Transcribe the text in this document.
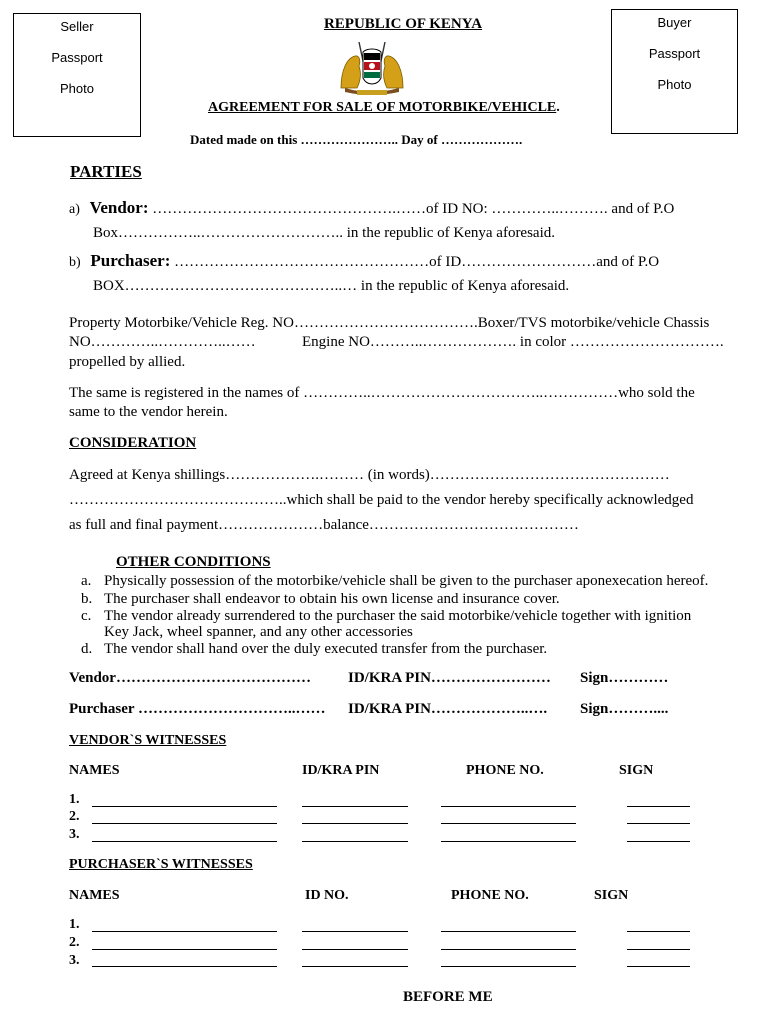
Seller
Passport
Photo
Buyer
Passport
Photo
REPUBLIC OF KENYA
AGREEMENT FOR SALE OF MOTORBIKE/VEHICLE.
Dated made on this ………………….. Day of ……………….
PARTIES
a) Vendor: ………………………………………….……of ID NO: …………..………. and of P.O
Box……………..……………………….. in the republic of Kenya aforesaid.
b) Purchaser: ……………………………………………of ID………………………and of P.O
BOX……………………………………..… in the republic of Kenya aforesaid.
Property Motorbike/Vehicle Reg. NO……………………………….Boxer/TVS motorbike/vehicle Chassis
NO…………..…………..……	Engine NO………..………………. in color ………………………….
propelled by allied.
The same is registered in the names of …………..……………………………..……………who sold the
same to the vendor herein.
CONSIDERATION
Agreed at Kenya shillings……………….……… (in words)…………………………………………
……………………………………..which shall be paid to the vendor hereby specifically acknowledged
as full and final payment…………………balance……………………………………
OTHER CONDITIONS
a. Physically possession of the motorbike/vehicle shall be given to the purchaser aponexecation hereof.
b. The purchaser shall endeavor to obtain his own license and insurance cover.
c. The vendor already surrendered to the purchaser the said motorbike/vehicle together with ignition
Key Jack, wheel spanner, and any other accessories
d. The vendor shall hand over the duly executed transfer from the purchaser.
Vendor………………………………… ID/KRA PIN…………………… Sign…………
Purchaser …………………………..…… ID/KRA PIN………………..…. Sign………....
VENDOR`S WITNESSES
NAMES	ID/KRA PIN	PHONE NO.	SIGN
1.
2.
3.
PURCHASER`S WITNESSES
NAMES	ID NO.	PHONE NO.	SIGN
1.
2.
3.
BEFORE ME
